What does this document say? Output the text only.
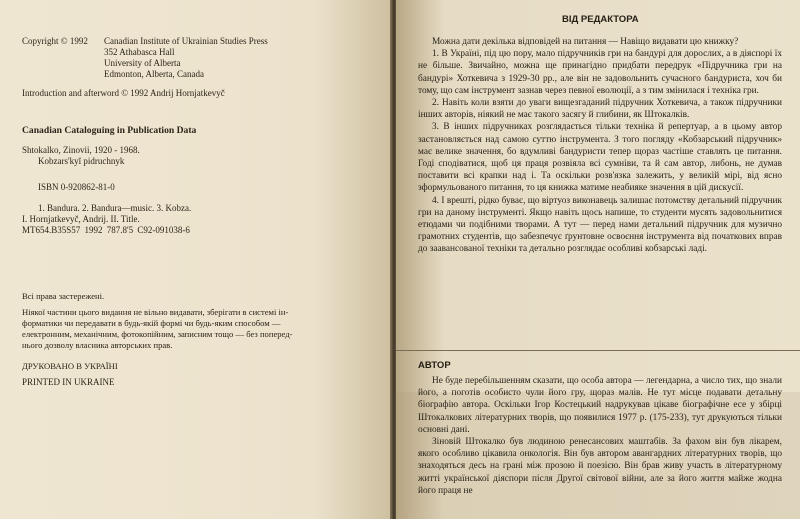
Copyright © 1992 Canadian Institute of Ukrainian Studies Press

352 Athabasca Hall

University of Alberta

Edmonton, Alberta, Canada

Introduction and afterword © 1992 Andrij Hornjatkevyč

Canadian Cataloguing in Publication Data

Shtokalko, Zinovii, 1920 - 1968.

Kobzars'kyĭ pidruchnyk

ISBN 0-920862-81-0

1. Bandura. 2. Bandura—music. 3. Kobza.

I. Hornjatkevyč, Andrij. II. Title.

MT654.B35S57 1992 787.8'5 C92-091038-6

Всі права застережені.

Ніякої частини цього видання не вільно видавати, зберігати в системі ін-

форматики чи передавати в будь-якій формі чи будь-яким способом —

електронним, механічним, фотокопійним, записним тощо — без поперед-

нього дозволу власника авторських прав.

ДРУКОВАНО В УКРАЇНІ

PRINTED IN UKRAINE

ВІД РЕДАКТОРА

Можна дати декілька відповідей на питання — Навіщо видавати цю книжку?

1. В Україні, під цю пору, мало підручників гри на бандурі для дорослих, а в діяспорі їх не більше. Звичайно, можна ще принагідно придбати передрук «Підручника гри на бандурі» Хоткевича з 1929-30 рр., але він не задовольнить сучасного бандуриста, хоч би тому, що сам інструмент зазнав через певної еволюції, а з тим змінилася і техніка гри.

2. Навіть коли взяти до уваги вищезгаданий підручник Хоткевича, а також підручники інших авторів, ніякий не має такого засягу й глибини, як Штокалків.

3. В інших підручниках розглядається тільки техніка й репертуар, а в цьому автор застановляється над самою суттю інструмента. З того погляду «Кобзарський підручник» має велике значення, бо вдумливі бандуристи тепер щораз частіше ставлять це питання. Годі сподіватися, щоб ця праця розвіяла всі сумніви, та й сам автор, либонь, не думав поставити всі крапки над і. Та оскільки розв'язка залежить, у великій мірі, від ясно зформульованого питання, то ця книжка матиме неабияке значення в цій дискусії.

4. І врешті, рідко буває, що віртуоз виконавець залишає потомству детальний підручник гри на даному інструменті. Якщо навіть щось напише, то студенти мусять задовольнитися етюдами чи подібними творами. А тут — перед нами детальний підручник для музично грамотних студентів, що забезпечує ґрунтовне освоєння інструмента від початкових вправ до зааванcованої техніки та детально розглядає особливі кобзарські ладі.

АВТОР

Не буде перебільшенням сказати, що особа автора — легендарна, а число тих, що знали його, а поготів особисто чули його гру, щораз малів. Не тут місце подавати детальну біографію автора. Оскільки Ігор Костецький надрукував цікаве біографічне есе у збірці Штокалкових літературних творів, що появилися 1977 р. (175-233), тут друкуються тільки основні дані.

Зіновій Штокалко був людиною ренесансових маштабів. За фахом він був лікарем, якого особливо цікавила онкологія. Він був автором авангардних літературних творів, що знаходяться десь на грані між прозою й поезією. Він брав живу участь в літературному житті української діяспори після Другої світової війни, але за його життя майже жодна його праця не
